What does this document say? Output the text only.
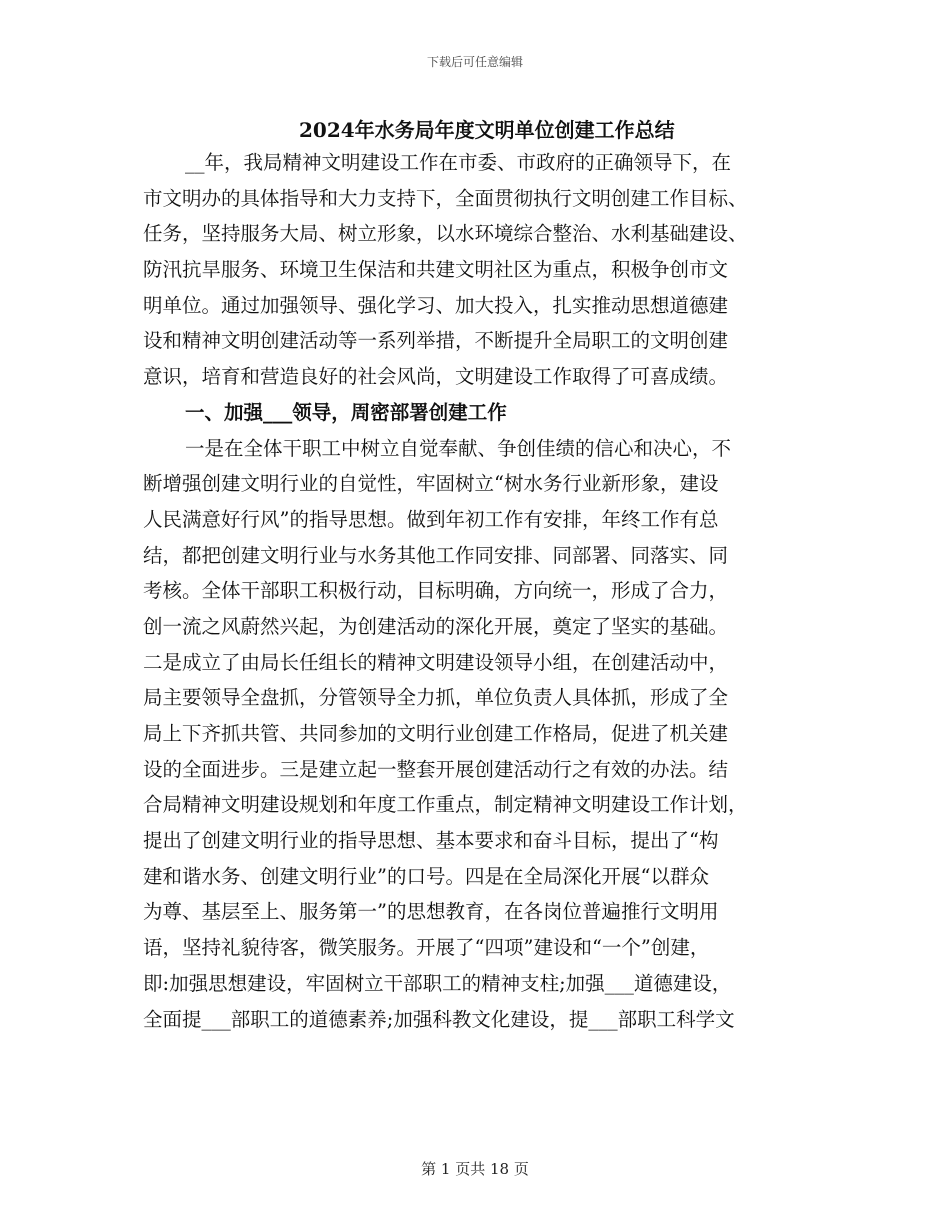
下载后可任意编辑
2024年水务局年度文明单位创建工作总结
__年，我局精神文明建设工作在市委、市政府的正确领导下，在
市文明办的具体指导和大力支持下，全面贯彻执行文明创建工作目标、
任务，坚持服务大局、树立形象，以水环境综合整治、水利基础建设、
防汛抗旱服务、环境卫生保洁和共建文明社区为重点，积极争创市文
明单位。通过加强领导、强化学习、加大投入，扎实推动思想道德建
设和精神文明创建活动等一系列举措，不断提升全局职工的文明创建
意识，培育和营造良好的社会风尚，文明建设工作取得了可喜成绩。
一、加强___领导，周密部署创建工作
一是在全体干职工中树立自觉奉献、争创佳绩的信心和决心，不
断增强创建文明行业的自觉性，牢固树立“树水务行业新形象，建设
人民满意好行风”的指导思想。做到年初工作有安排，年终工作有总
结，都把创建文明行业与水务其他工作同安排、同部署、同落实、同
考核。全体干部职工积极行动，目标明确，方向统一，形成了合力，
创一流之风蔚然兴起，为创建活动的深化开展，奠定了坚实的基础。
二是成立了由局长任组长的精神文明建设领导小组，在创建活动中，
局主要领导全盘抓，分管领导全力抓，单位负责人具体抓，形成了全
局上下齐抓共管、共同参加的文明行业创建工作格局，促进了机关建
设的全面进步。三是建立起一整套开展创建活动行之有效的办法。结
合局精神文明建设规划和年度工作重点，制定精神文明建设工作计划，
提出了创建文明行业的指导思想、基本要求和奋斗目标，提出了“构
建和谐水务、创建文明行业”的口号。四是在全局深化开展“以群众
为尊、基层至上、服务第一”的思想教育，在各岗位普遍推行文明用
语，坚持礼貌待客，微笑服务。开展了“四项”建设和“一个”创建，
即:加强思想建设，牢固树立干部职工的精神支柱;加强___道德建设，
全面提___部职工的道德素养;加强科教文化建设，提___部职工科学文
第 1 页共 18 页
